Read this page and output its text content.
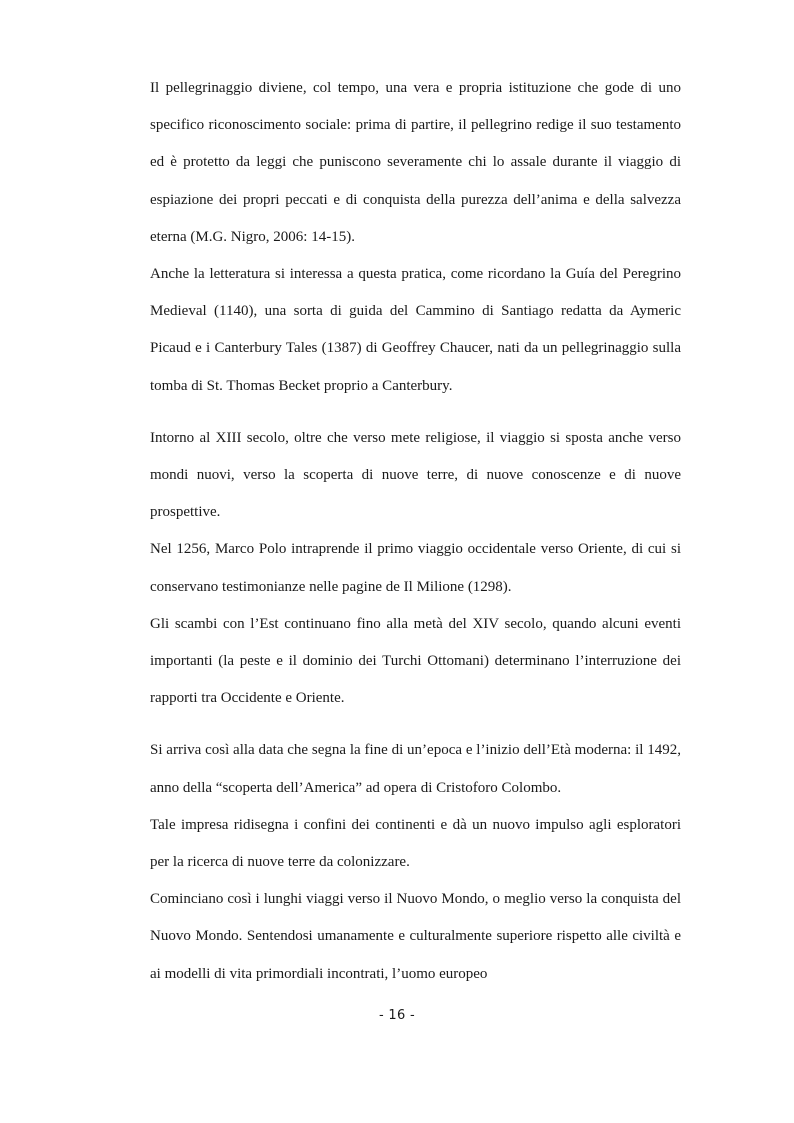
Il pellegrinaggio diviene, col tempo, una vera e propria istituzione che gode di uno specifico riconoscimento sociale: prima di partire, il pellegrino redige il suo testamento ed è protetto da leggi che puniscono severamente chi lo assale durante il viaggio di espiazione dei propri peccati e di conquista della purezza dell’anima e della salvezza eterna (M.G. Nigro, 2006: 14-15).

Anche la letteratura si interessa a questa pratica, come ricordano la Guía del Peregrino Medieval (1140), una sorta di guida del Cammino di Santiago redatta da Aymeric Picaud e i Canterbury Tales (1387) di Geoffrey Chaucer, nati da un pellegrinaggio sulla tomba di St. Thomas Becket proprio a Canterbury.

Intorno al XIII secolo, oltre che verso mete religiose, il viaggio si sposta anche verso mondi nuovi, verso la scoperta di nuove terre, di nuove conoscenze e di nuove prospettive.

Nel 1256, Marco Polo intraprende il primo viaggio occidentale verso Oriente, di cui si conservano testimonianze nelle pagine de Il Milione (1298).

Gli scambi con l’Est continuano fino alla metà del XIV secolo, quando alcuni eventi importanti (la peste e il dominio dei Turchi Ottomani) determinano l’interruzione dei rapporti tra Occidente e Oriente.

Si arriva così alla data che segna la fine di un’epoca e l’inizio dell’Età moderna: il 1492, anno della “scoperta dell’America” ad opera di Cristoforo Colombo.

Tale impresa ridisegna i confini dei continenti e dà un nuovo impulso agli esploratori per la ricerca di nuove terre da colonizzare.

Cominciano così i lunghi viaggi verso il Nuovo Mondo, o meglio verso la conquista del Nuovo Mondo. Sentendosi umanamente e culturalmente superiore rispetto alle civiltà e ai modelli di vita primordiali incontrati, l’uomo europeo

- 16 -
